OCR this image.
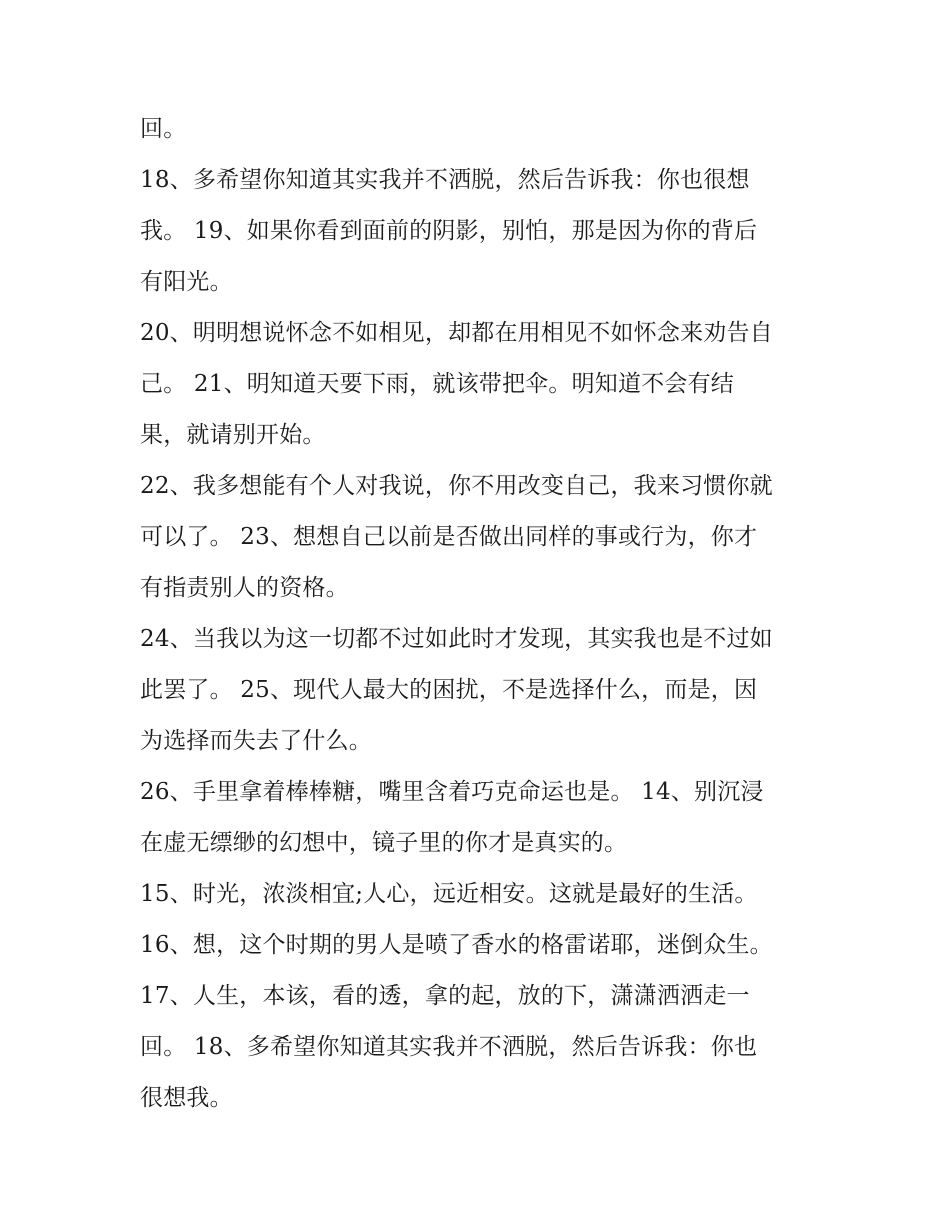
回。
18、多希望你知道其实我并不洒脱，然后告诉我：你也很想
我。 19、如果你看到面前的阴影，别怕，那是因为你的背后
有阳光。
20、明明想说怀念不如相见，却都在用相见不如怀念来劝告自
己。 21、明知道天要下雨，就该带把伞。明知道不会有结
果，就请别开始。
22、我多想能有个人对我说，你不用改变自己，我来习惯你就
可以了。 23、想想自己以前是否做出同样的事或行为，你才
有指责别人的资格。
24、当我以为这一切都不过如此时才发现，其实我也是不过如
此罢了。 25、现代人最大的困扰，不是选择什么，而是，因
为选择而失去了什么。
26、手里拿着棒棒糖，嘴里含着巧克命运也是。 14、别沉浸
在虚无缥缈的幻想中，镜子里的你才是真实的。
15、时光，浓淡相宜;人心，远近相安。这就是最好的生活。
16、想，这个时期的男人是喷了香水的格雷诺耶，迷倒众生。
17、人生，本该，看的透，拿的起，放的下，潇潇洒洒走一
回。 18、多希望你知道其实我并不洒脱，然后告诉我：你也
很想我。
